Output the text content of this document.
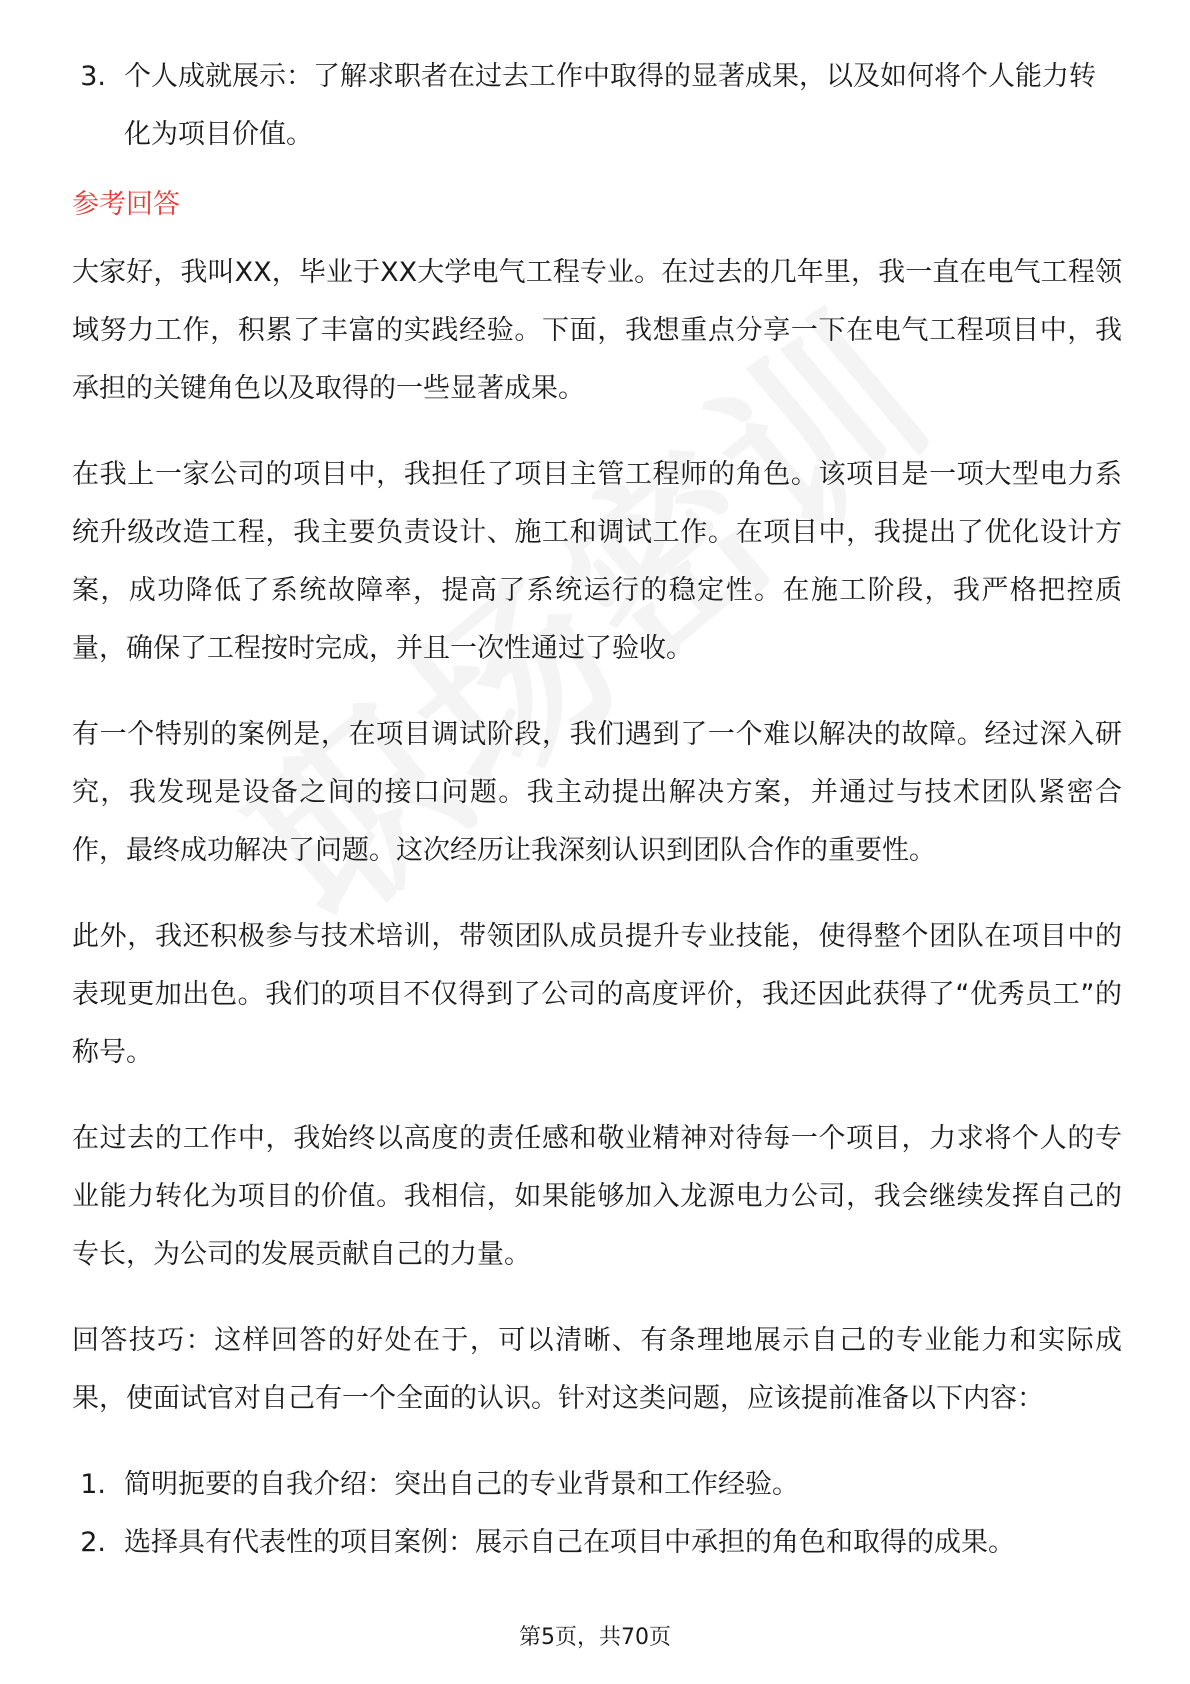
3. 个人成就展示：了解求职者在过去工作中取得的显著成果，以及如何将个人能力转化为项目价值。
参考回答

大家好，我叫XX，毕业于XX大学电气工程专业。在过去的几年里，我一直在电气工程领域努力工作，积累了丰富的实践经验。下面，我想重点分享一下在电气工程项目中，我承担的关键角色以及取得的一些显著成果。

在我上一家公司的项目中，我担任了项目主管工程师的角色。该项目是一项大型电力系统升级改造工程，我主要负责设计、施工和调试工作。在项目中，我提出了优化设计方案，成功降低了系统故障率，提高了系统运行的稳定性。在施工阶段，我严格把控质量，确保了工程按时完成，并且一次性通过了验收。

有一个特别的案例是，在项目调试阶段，我们遇到了一个难以解决的故障。经过深入研究，我发现是设备之间的接口问题。我主动提出解决方案，并通过与技术团队紧密合作，最终成功解决了问题。这次经历让我深刻认识到团队合作的重要性。

此外，我还积极参与技术培训，带领团队成员提升专业技能，使得整个团队在项目中的表现更加出色。我们的项目不仅得到了公司的高度评价，我还因此获得了“优秀员工”的称号。

在过去的工作中，我始终以高度的责任感和敬业精神对待每一个项目，力求将个人的专业能力转化为项目的价值。我相信，如果能够加入龙源电力公司，我会继续发挥自己的专长，为公司的发展贡献自己的力量。

回答技巧：这样回答的好处在于，可以清晰、有条理地展示自己的专业能力和实际成果，使面试官对自己有一个全面的认识。针对这类问题，应该提前准备以下内容：

1. 简明扼要的自我介绍：突出自己的专业背景和工作经验。
2. 选择具有代表性的项目案例：展示自己在项目中承担的角色和取得的成果。
第5页，共70页
